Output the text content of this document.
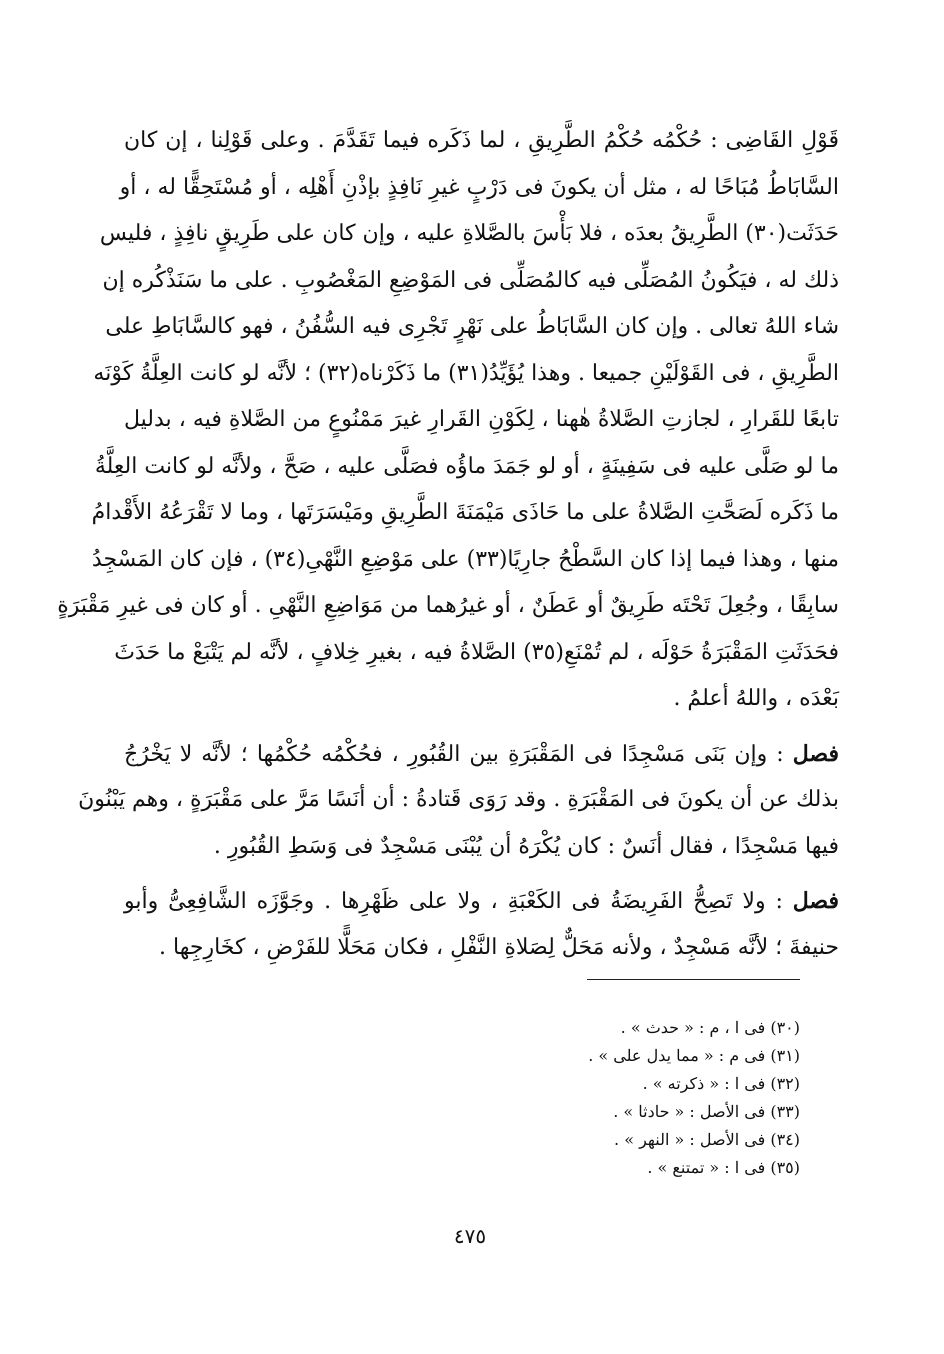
قَوْلِ القَاضِى : حُكْمُه حُكْمُ الطَّرِيقِ ، لما ذَكَره فيما تَقَدَّمَ . وعلى قَوْلِنا ، إن كان
السَّابَاطُ مُبَاحًا له ، مثل أن يكونَ فى دَرْبٍ غيرِ نَافِذٍ بإذْنِ أَهْلِه ، أو مُسْتَحِقًّا له ، أو
حَدَثَت(٣٠) الطَّرِيقُ بعدَه ، فلا بَأْسَ بالصَّلاةِ عليه ، وإن كان على طَرِيقٍ نافِذٍ ، فليس
ذلك له ، فيَكُونُ المُصَلِّى فيه كالمُصَلِّى فى المَوْضِعِ المَغْصُوبِ . على ما سَنَذْكُره إن
شاء اللهُ تعالى . وإن كان السَّابَاطُ على نَهْرٍ تَجْرِى فيه السُّفُنُ ، فهو كالسَّابَاطِ على
الطَّرِيقِ ، فى القَوْلَيْنِ جميعا . وهذا يُؤَيِّدُ(٣١) ما ذَكَرْناه(٣٢) ؛ لأنَّه لو كانت العِلَّةُ كَوْنَه
تابعًا للقَرارِ ، لجازتِ الصَّلاةُ هٰهنا ، لِكَوْنِ القَرارِ غيرَ مَمْنُوعٍ من الصَّلاةِ فيه ، بدليل
ما لو صَلَّى عليه فى سَفِينَةٍ ، أو لو جَمَدَ ماؤُه فصَلَّى عليه ، صَحَّ ، ولأنَّه لو كانت العِلَّةُ
ما ذَكَره لَصَحَّتِ الصَّلاةُ على ما حَاذَى مَيْمَنَةَ الطَّرِيقِ ومَيْسَرَتَها ، وما لا تَقْرَعُهُ الأَقْدامُ
منها ، وهذا فيما إذا كان السَّطْحُ جارِيًا(٣٣) على مَوْضِعِ النَّهْىِ(٣٤) ، فإن كان المَسْجِدُ
سابِقًا ، وجُعِلَ تَحْتَه طَرِيقٌ أو عَطَنٌ ، أو غيرُهما من مَوَاضِعِ النَّهْىِ . أو كان فى غيرِ مَقْبَرَةٍ
فحَدَثَتِ المَقْبَرَةُ حَوْلَه ، لم تُمْنَعِ(٣٥) الصَّلاةُ فيه ، بغيرِ خِلافٍ ، لأنَّه لم يَتْبَعْ ما حَدَثَ
بَعْدَه ، واللهُ أعلمُ .
فصل : وإن بَنَى مَسْجِدًا فى المَقْبَرَةِ بين القُبُورِ ، فحُكْمُه حُكْمُها ؛ لأنَّه لا يَخْرُجُ
بذلك عن أن يكونَ فى المَقْبَرَةِ . وقد رَوَى قَتادةُ : أن أنَسًا مَرَّ على مَقْبَرَةٍ ، وهم يَبْنُونَ
فيها مَسْجِدًا ، فقال أنَسٌ : كان يُكْرَهُ أن يُبْنَى مَسْجِدٌ فى وَسَطِ القُبُورِ .
فصل : ولا تَصِحُّ الفَرِيضَةُ فى الكَعْبَةِ ، ولا على ظَهْرِها . وجَوَّزَه الشَّافِعِىُّ وأبو
حنيفةَ ؛ لأنَّه مَسْجِدٌ ، ولأنه مَحَلٌّ لِصَلاةِ النَّفْلِ ، فكان مَحَلًّا للفَرْضِ ، كخَارِجِها .
(٣٠) فى ا ، م : « حدث » .
(٣١) فى م : « مما يدل على » .
(٣٢) فى ا : « ذكرته » .
(٣٣) فى الأصل : « حادثا » .
(٣٤) فى الأصل : « النهر » .
(٣٥) فى ا : « تمتنع » .
٤٧٥
